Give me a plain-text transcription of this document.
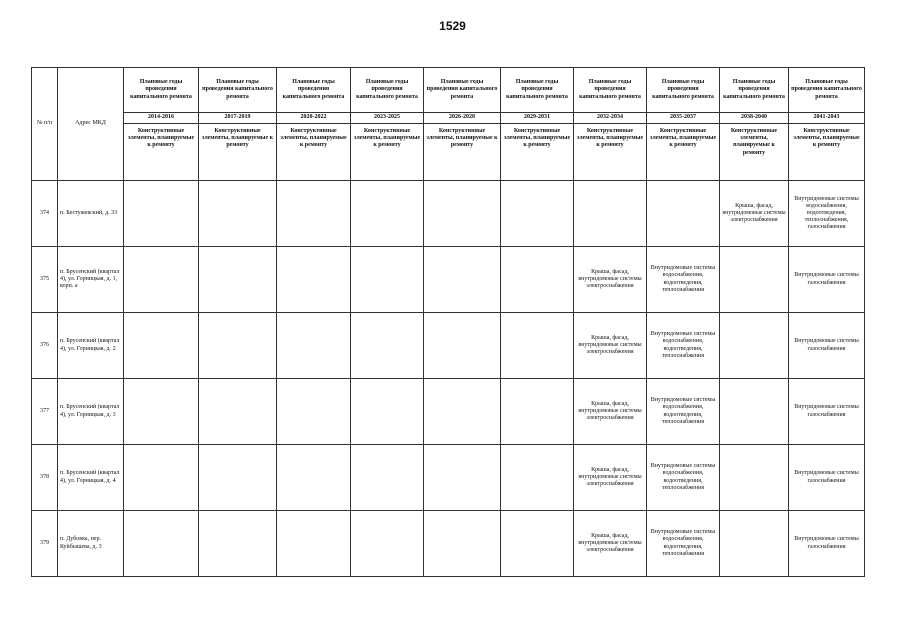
1529
№ п/п	Адрес МКД	Плановые годы проведения капитального ремонта	Плановые годы проведения капитального ремонта	Плановые годы проведения капитального ремонта	Плановые годы проведения капитального ремонта	Плановые годы проведения капитального ремонта	Плановые годы проведения капитального ремонта	Плановые годы проведения капитального ремонта	Плановые годы проведения капитального ремонта	Плановые годы проведения капитального ремонта	Плановые годы проведения капитального ремонта
		2014-2016	2017-2019	2020-2022	2023-2025	2026-2028	2029-2031	2032-2034	2035-2037	2038-2040	2041-2043
		Конструктивные элементы, планируемые к ремонту	Конструктивные элементы, планируемые к ремонту	Конструктивные элементы, планируемые к ремонту	Конструктивные элементы, планируемые к ремонту	Конструктивные элементы, планируемые к ремонту	Конструктивные элементы, планируемые к ремонту	Конструктивные элементы, планируемые к ремонту	Конструктивные элементы, планируемые к ремонту	Конструктивные элементы, планируемые к ремонту	Конструктивные элементы, планируемые к ремонту
374	п. Бестужевский, д. 33									Крыша, фасад, внутридомовые системы электроснабжения	Внутридомовые системы водоснабжения, водоотведения, теплоснабжения, газоснабжения
375	п. Брусенский (квартал 4), ул. Горницкая, д. 1, корп. а							Крыша, фасад, внутридомовые системы электроснабжения	Внутридомовые системы водоснабжения, водоотведения, теплоснабжения		Внутридомовые системы газоснабжения
376	п. Брусенский (квартал 4), ул. Горницкая, д. 2							Крыша, фасад, внутридомовые системы электроснабжения	Внутридомовые системы водоснабжения, водоотведения, теплоснабжения		Внутридомовые системы газоснабжения
377	п. Брусенский (квартал 4), ул. Горницкая, д. 3							Крыша, фасад, внутридомовые системы электроснабжения	Внутридомовые системы водоснабжения, водоотведения, теплоснабжения		Внутридомовые системы газоснабжения
378	п. Брусенский (квартал 4), ул. Горницкая, д. 4							Крыша, фасад, внутридомовые системы электроснабжения	Внутридомовые системы водоснабжения, водоотведения, теплоснабжения		Внутридомовые системы газоснабжения
379	п. Дубовка, пер. Куйбышева, д. 3							Крыша, фасад, внутридомовые системы электроснабжения	Внутридомовые системы водоснабжения, водоотведения, теплоснабжения		Внутридомовые системы газоснабжения
